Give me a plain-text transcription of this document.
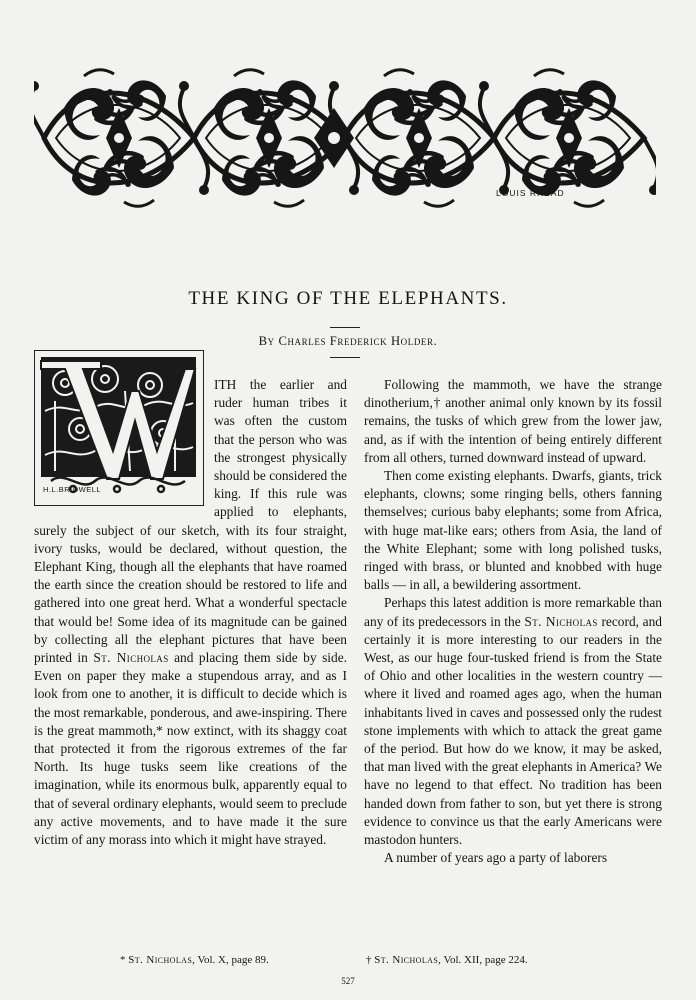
LOUIS RHEAD
THE KING OF THE ELEPHANTS.
By Charles Frederick Holder.
H.L.BRIDWELL

ITH the earlier and ruder human tribes it was often the custom that the person who was the strongest physically should be considered the king. If this rule was applied to elephants, surely the subject of our sketch, with its four straight, ivory tusks, would be declared, without question, the Elephant King, though all the elephants that have roamed the earth since the creation should be restored to life and gathered into one great herd. What a wonderful spectacle that would be! Some idea of its magnitude can be gained by collecting all the elephant pictures that have been printed in St. Nicholas and placing them side by side. Even on paper they make a stupendous array, and as I look from one to another, it is difficult to decide which is the most remarkable, ponderous, and awe-inspiring. There is the great mammoth,* now extinct, with its shaggy coat that protected it from the rigorous extremes of the far North. Its huge tusks seem like creations of the imagination, while its enormous bulk, apparently equal to that of several ordinary elephants, would seem to preclude any active movements, and to have made it the sure victim of any morass into which it might have strayed.

Following the mammoth, we have the strange dinotherium,† another animal only known by its fossil remains, the tusks of which grew from the lower jaw, and, as if with the intention of being entirely different from all others, turned downward instead of upward.

Then come existing elephants. Dwarfs, giants, trick elephants, clowns; some ringing bells, others fanning themselves; curious baby elephants; some from Africa, with huge mat-like ears; others from Asia, the land of the White Elephant; some with long polished tusks, ringed with brass, or blunted and knobbed with huge balls — in all, a bewildering assortment.

Perhaps this latest addition is more remarkable than any of its predecessors in the St. Nicholas record, and certainly it is more interesting to our readers in the West, as our huge four-tusked friend is from the State of Ohio and other localities in the western country — where it lived and roamed ages ago, when the human inhabitants lived in caves and possessed only the rudest stone implements with which to attack the great game of the period. But how do we know, it may be asked, that man lived with the great elephants in America? We have no legend to that effect. No tradition has been handed down from father to son, but yet there is strong evidence to convince us that the early Americans were mastodon hunters.

A number of years ago a party of laborers

* St. Nicholas, Vol. X, page 89.	† St. Nicholas, Vol. XII, page 224.
527
